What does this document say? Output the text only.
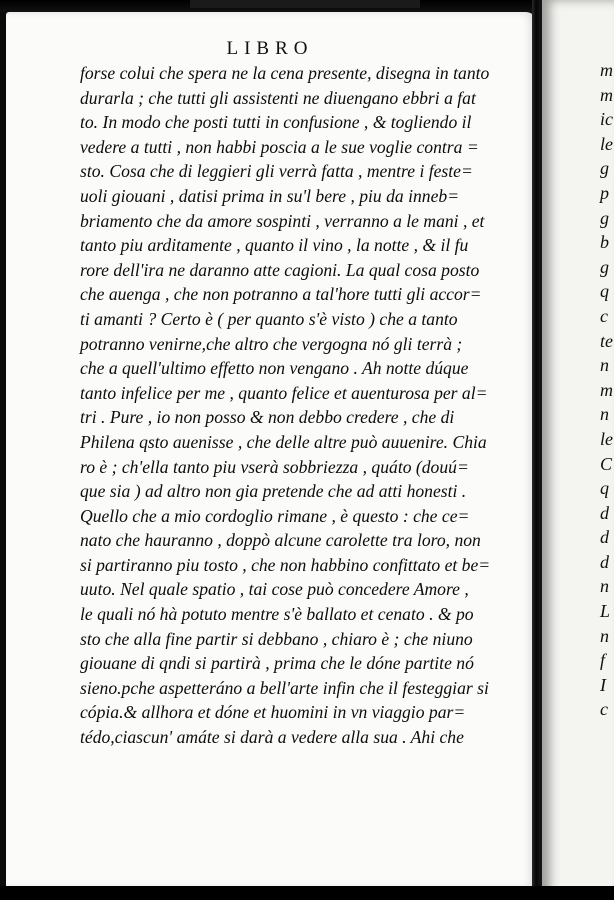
LIBRO
forse colui che spera ne la cena presente, disegna in tanto
durarla ; che tutti gli assistenti ne diuengano ebbri a fat
to. In modo che posti tutti in confusione , & togliendo il
vedere a tutti , non habbi poscia a le sue voglie contra =
sto. Cosa che di leggieri gli verrà fatta , mentre i feste=
uoli giouani , datisi prima in su'l bere , piu da inneb=
briamento che da amore sospinti , verranno a le mani , et
tanto piu arditamente , quanto il vino , la notte , & il fu
rore dell'ira ne daranno atte cagioni. La qual cosa posto
che auenga , che non potranno a tal'hore tutti gli accor=
ti amanti ? Certo è ( per quanto s'è visto ) che a tanto
potranno venirne,che altro che vergogna nó gli terrà ;
che a quell'ultimo effetto non vengano . Ah notte dúque
tanto infelice per me , quanto felice et auenturosa per al=
tri . Pure , io non posso & non debbo credere , che di
Philena qsto auenisse , che delle altre può auuenire. Chia
ro è ; ch'ella tanto piu vserà sobbriezza , quáto (douú=
que sia ) ad altro non gia pretende che ad atti honesti .
Quello che a mio cordoglio rimane , è questo : che ce=
nato che hauranno , doppò alcune carolette tra loro, non
si partiranno piu tosto , che non habbino confittato et be=
uuto. Nel quale spatio , tai cose può concedere Amore ,
le quali nó hà potuto mentre s'è ballato et cenato . & po
sto che alla fine partir si debbano , chiaro è ; che niuno
giouane di qndi si partirà , prima che le dóne partite nó
sieno.pche aspetteráno a bell'arte infin che il festeggiar si
cópia.& allhora et dóne et huomini in vn viaggio par=
tédo,ciascun' amáte si darà a vedere alla sua . Ahi che
m
m
ic
le
g
p
g
b
g
q
c
te
n
m
n
le
C
q
d
d
d
n
L
n
f
I
c
